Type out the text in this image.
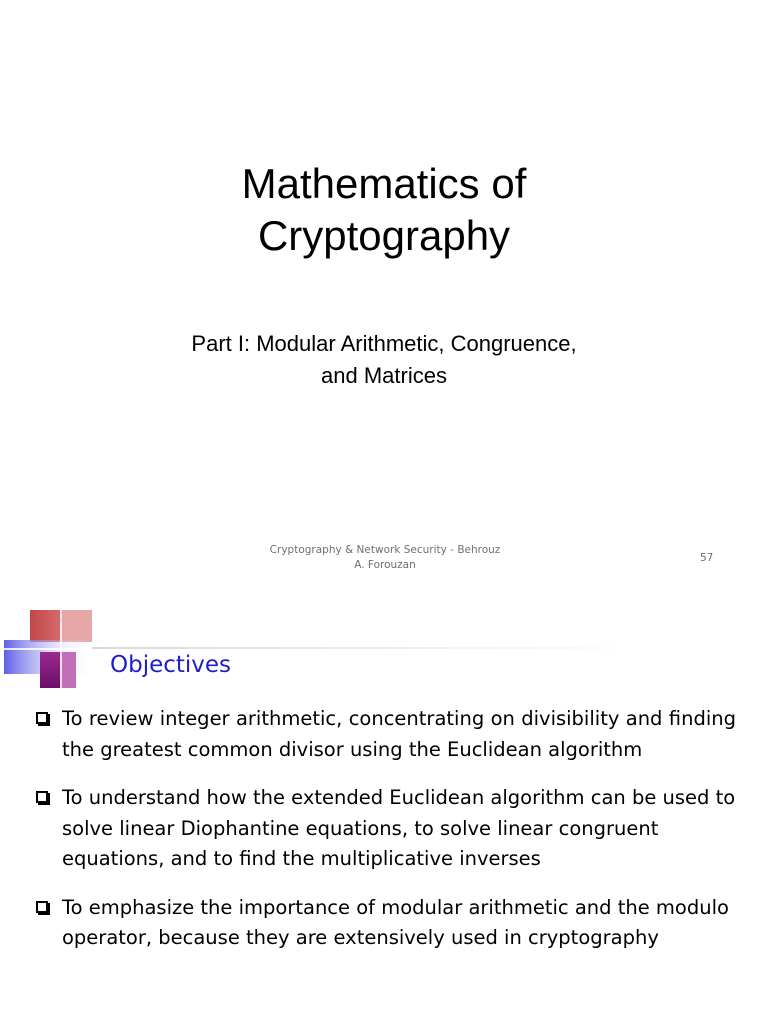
Mathematics of
Cryptography
Part I: Modular Arithmetic, Congruence,
and Matrices
Cryptography & Network Security - Behrouz
A. Forouzan
57
Objectives
To review integer arithmetic, concentrating on divisibility and finding the greatest common divisor using the Euclidean algorithm
To understand how the extended Euclidean algorithm can be used to solve linear Diophantine equations, to solve linear congruent equations, and to find the multiplicative inverses
To emphasize the importance of modular arithmetic and the modulo operator, because they are extensively used in cryptography
